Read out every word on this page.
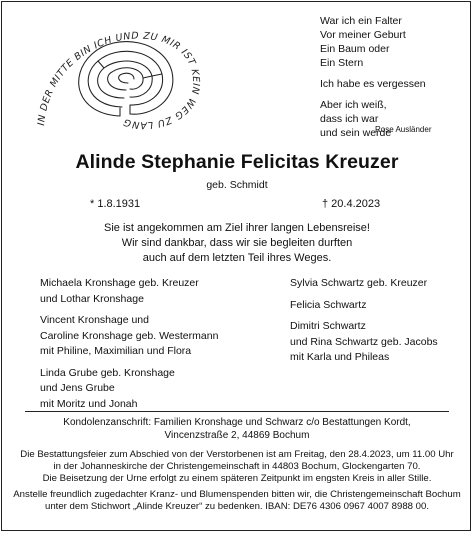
IN DER MITTE BIN ICH UND ZU MIR IST KEIN WEG ZU LANG
War ich ein Falter
Vor meiner Geburt
Ein Baum oder
Ein Stern
Ich habe es vergessen
Aber ich weiß,
dass ich war
und sein werde
Rose Ausländer
Alinde Stephanie Felicitas Kreuzer
geb. Schmidt
* 1.8.1931	† 20.4.2023
Sie ist angekommen am Ziel ihrer langen Lebensreise!
Wir sind dankbar, dass wir sie begleiten durften
auch auf dem letzten Teil ihres Weges.
Michaela Kronshage geb. Kreuzer
und Lothar Kronshage
Vincent Kronshage und
Caroline Kronshage geb. Westermann
mit Philine, Maximilian und Flora
Linda Grube geb. Kronshage
und Jens Grube
mit Moritz und Jonah
Sylvia Schwartz geb. Kreuzer
Felicia Schwartz
Dimitri Schwartz
und Rina Schwartz geb. Jacobs
mit Karla und Phileas
Kondolenzanschrift: Familien Kronshage und Schwarz c/o Bestattungen Kordt,
Vincenzstraße 2, 44869 Bochum
Die Bestattungsfeier zum Abschied von der Verstorbenen ist am Freitag, den 28.4.2023, um 11.00 Uhr
in der Johanneskirche der Christengemeinschaft in 44803 Bochum, Glockengarten 70.
Die Beisetzung der Urne erfolgt zu einem späteren Zeitpunkt im engsten Kreis in aller Stille.
Anstelle freundlich zugedachter Kranz- und Blumenspenden bitten wir, die Christengemeinschaft Bochum
unter dem Stichwort „Alinde Kreuzer“ zu bedenken. IBAN: DE76 4306 0967 4007 8988 00.
